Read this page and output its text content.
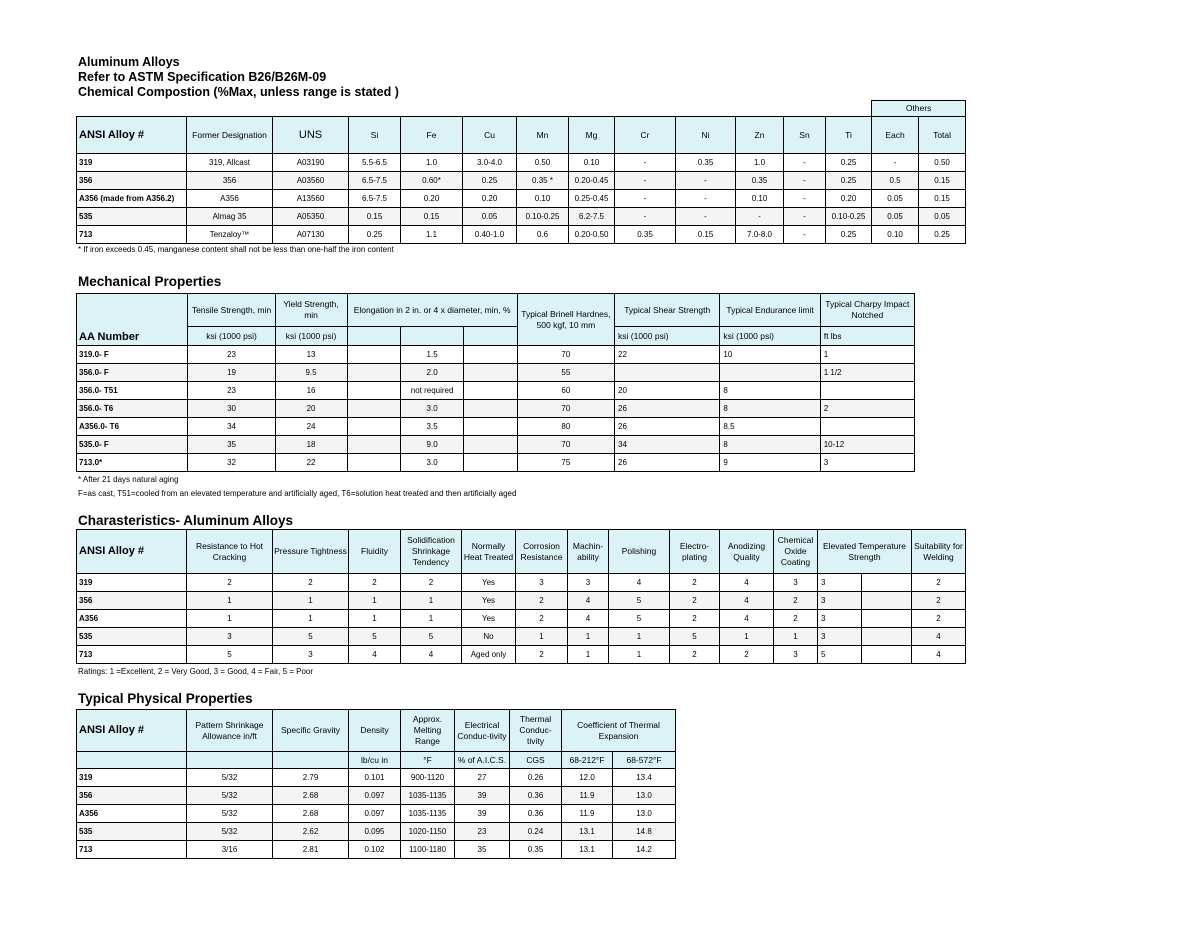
Aluminum Alloys
Refer to ASTM Specification B26/B26M-09
Chemical Compostion (%Max, unless range is stated )
													Others	
ANSI Alloy #	Former Designation	UNS	Si	Fe	Cu	Mn	Mg	Cr	Ni	Zn	Sn	Ti	Each	Total
319	319, Allcast	A03190	5.5-6.5	1.0	3.0-4.0	0.50	0.10	-	0.35	1.0	-	0.25	-	0.50
356	356	A03560	6.5-7.5	0.60*	0.25	0.35 *	0.20-0.45	-	-	0.35	-	0.25	0.5	0.15
A356 (made from A356.2)	A356	A13560	6.5-7.5	0.20	0.20	0.10	0.25-0.45	-	-	0.10	-	0.20	0.05	0.15
535	Almag 35	A05350	0.15	0.15	0.05	0.10-0.25	6.2-7.5	-	-	-	-	0.10-0.25	0.05	0.05
713	Tenzaloy™	A07130	0.25	1.1	0.40-1.0	0.6	0.20-0.50	0.35	0.15	7.0-8.0	-	0.25	0.10	0.25
* If iron exceeds 0.45, manganese content shall not be less than one-half the iron content
Mechanical Properties
AA Number	Tensile Strength, min	Yield Strength, min	Elongation in 2 in. or 4 x diameter, min, %			Typical Brinell Hardnes, 500 kgf, 10 mm	Typical Shear Strength	Typical Endurance limit	Typical Charpy Impact Notched
	ksi (1000 psi)	ksi (1000 psi)					ksi (1000 psi)	ksi (1000 psi)	ft lbs
319.0- F	23	13		1.5		70	22	10	1
356.0- F	19	9.5		2.0		55			1 1/2
356.0- T51	23	16		not required		60	20	8	
356.0- T6	30	20		3.0		70	26	8	2
A356.0- T6	34	24		3.5		80	26	8.5	
535.0- F	35	18		9.0		70	34	8	10-12
713.0*	32	22		3.0		75	26	9	3
* After 21 days natural aging
F=as cast, T51=cooled from an elevated temperature and artificially aged, T6=solution heat treated and then artificially aged
Charasteristics- Aluminum Alloys
ANSI Alloy #	Resistance to Hot Cracking	Pressure Tightness	Fluidity	Solidification Shrinkage Tendency	Normally Heat Treated	Corrosion Resistance	Machin-ability	Polishing	Electro-plating	Anodizing Quality	Chemical Oxide Coating	Elevated Temperature Strength		Suitability for Welding
319	2	2	2	2	Yes	3	3	4	2	4	3	3		2
356	1	1	1	1	Yes	2	4	5	2	4	2	3		2
A356	1	1	1	1	Yes	2	4	5	2	4	2	3		2
535	3	5	5	5	No	1	1	1	5	1	1	3		4
713	5	3	4	4	Aged only	2	1	1	2	2	3	5		4
Ratings: 1 =Excellent, 2 = Very Good, 3 = Good, 4 = Fair, 5 = Poor
Typical Physical Properties
ANSI Alloy #	Pattern Shrinkage Allowance in/ft	Specific Gravity	Density	Approx. Melting Range	Electrical Conduc-tivity	Thermal Conduc-tivity	Coefficient of Thermal Expansion	
			lb/cu in	°F	% of A.I.C.S.	CGS	68-212°F	68-572°F
319	5/32	2.79	0.101	900-1120	27	0.26	12.0	13.4
356	5/32	2.68	0.097	1035-1135	39	0.36	11.9	13.0
A356	5/32	2.68	0.097	1035-1135	39	0.36	11.9	13.0
535	5/32	2.62	0.095	1020-1150	23	0.24	13.1	14.8
713	3/16	2.81	0.102	1100-1180	35	0.35	13.1	14.2
